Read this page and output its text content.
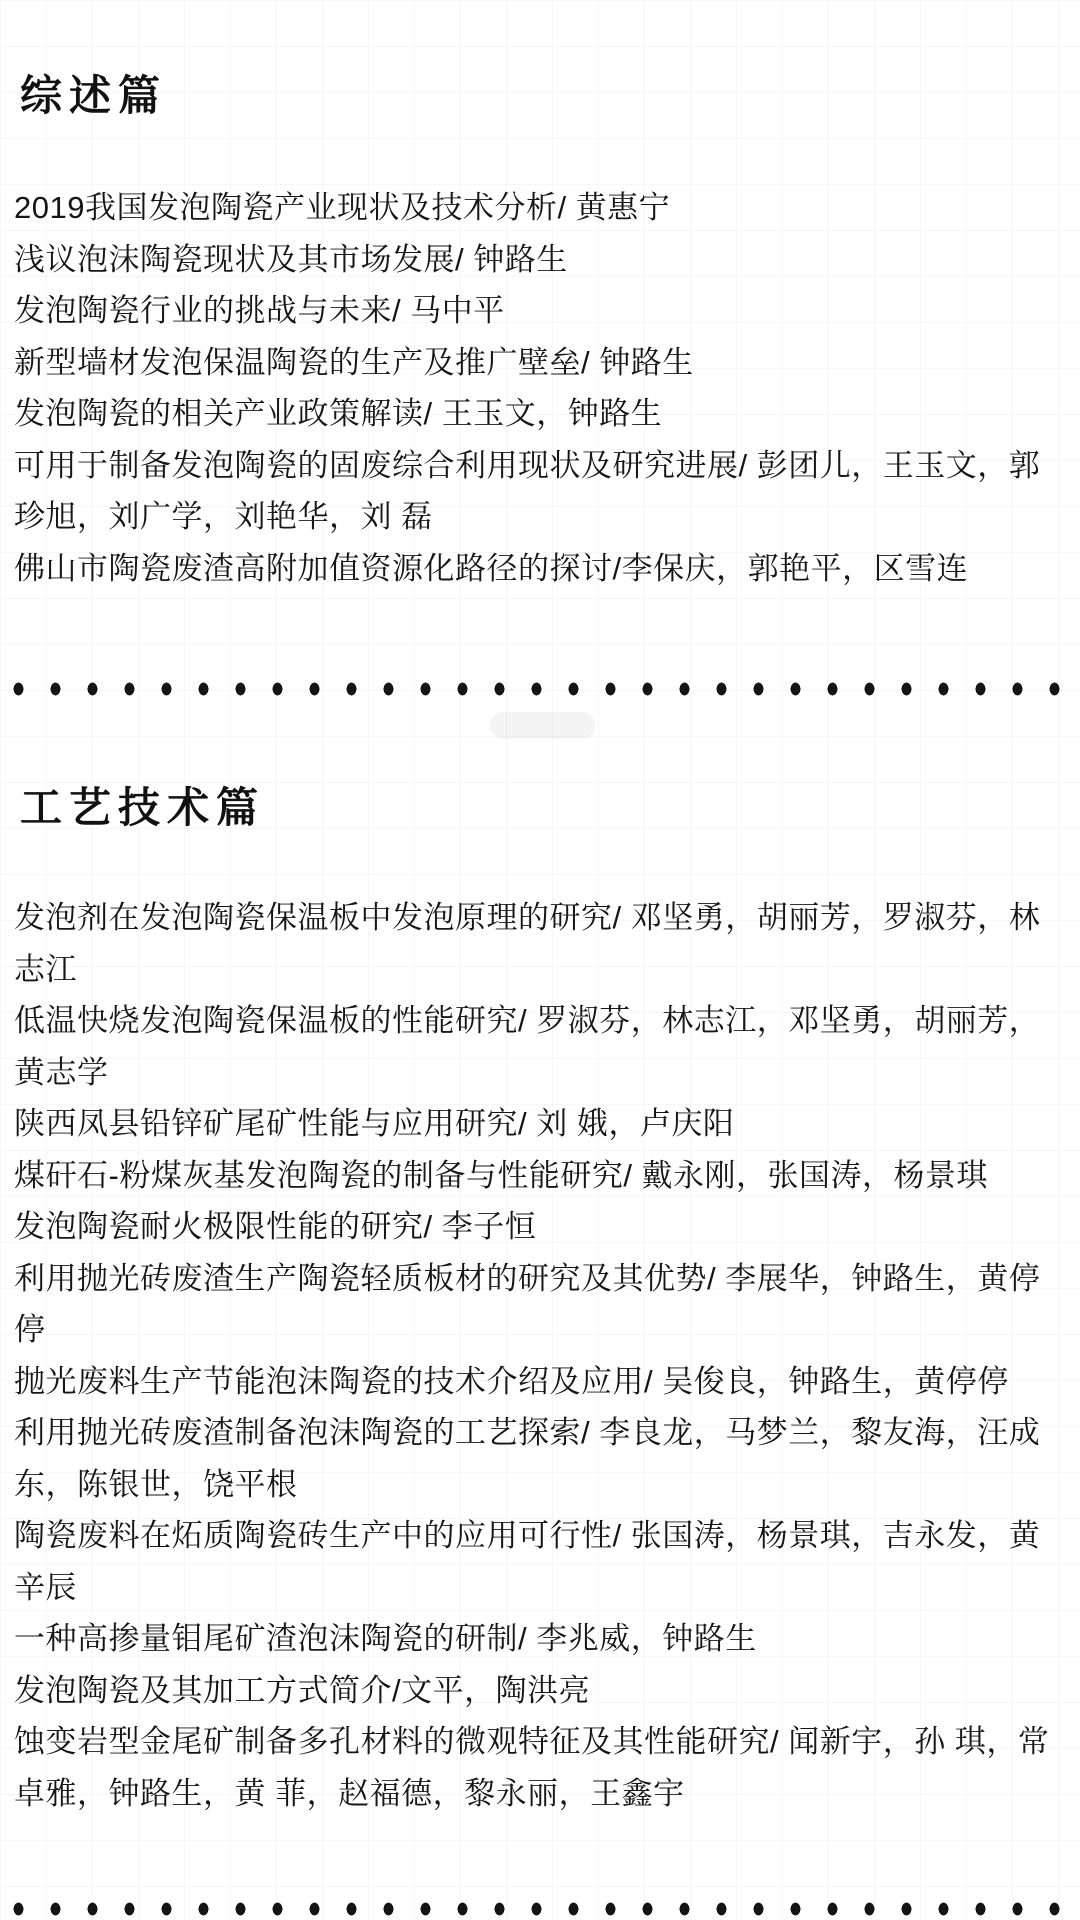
综述篇
2019我国发泡陶瓷产业现状及技术分析/ 黄惠宁
浅议泡沫陶瓷现状及其市场发展/ 钟路生
发泡陶瓷行业的挑战与未来/ 马中平
新型墙材发泡保温陶瓷的生产及推广壁垒/ 钟路生
发泡陶瓷的相关产业政策解读/ 王玉文，钟路生
可用于制备发泡陶瓷的固废综合利用现状及研究进展/ 彭团儿，王玉文，郭珍旭，刘广学，刘艳华，刘 磊
佛山市陶瓷废渣高附加值资源化路径的探讨/李保庆，郭艳平，区雪连
工艺技术篇
发泡剂在发泡陶瓷保温板中发泡原理的研究/ 邓坚勇，胡丽芳，罗淑芬，林志江
低温快烧发泡陶瓷保温板的性能研究/ 罗淑芬，林志江，邓坚勇，胡丽芳，黄志学
陕西凤县铅锌矿尾矿性能与应用研究/ 刘 娥，卢庆阳
煤矸石-粉煤灰基发泡陶瓷的制备与性能研究/ 戴永刚，张国涛，杨景琪
发泡陶瓷耐火极限性能的研究/ 李子恒
利用抛光砖废渣生产陶瓷轻质板材的研究及其优势/ 李展华，钟路生，黄停停
抛光废料生产节能泡沫陶瓷的技术介绍及应用/ 吴俊良，钟路生，黄停停
利用抛光砖废渣制备泡沫陶瓷的工艺探索/ 李良龙，马梦兰，黎友海，汪成东，陈银世，饶平根
陶瓷废料在炻质陶瓷砖生产中的应用可行性/ 张国涛，杨景琪，吉永发，黄辛辰
一种高掺量钼尾矿渣泡沫陶瓷的研制/ 李兆威，钟路生
发泡陶瓷及其加工方式简介/文平，陶洪亮
蚀变岩型金尾矿制备多孔材料的微观特征及其性能研究/ 闻新宇，孙 琪，常卓雅，钟路生，黄 菲，赵福德，黎永丽，王鑫宇
